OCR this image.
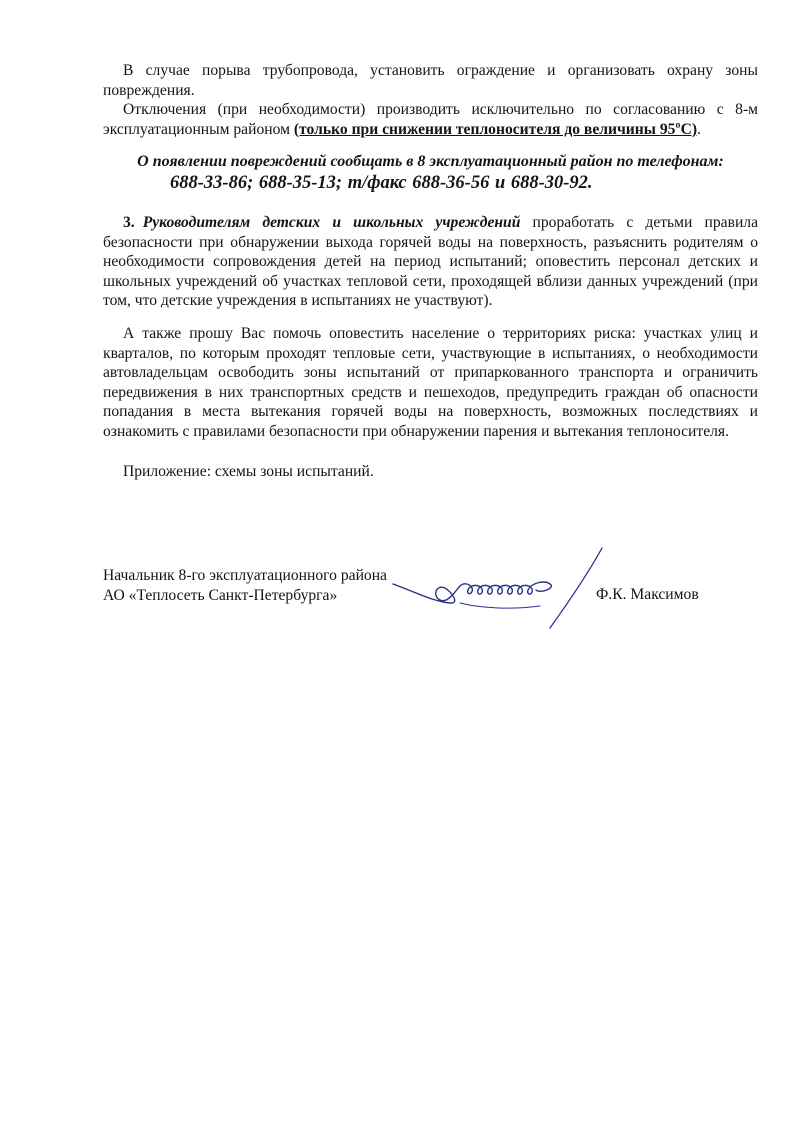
В случае порыва трубопровода, установить ограждение и организовать охрану зоны повреждения.

Отключения (при необходимости) производить исключительно по согласованию с 8-м эксплуатационным районом (только при снижении теплоносителя до величины 95ºС).

О появлении повреждений сообщать в 8 эксплуатационный район по телефонам:
688-33-86; 688-35-13; т/факс 688-36-56 и 688-30-92.

3. Руководителям детских и школьных учреждений проработать с детьми правила безопасности при обнаружении выхода горячей воды на поверхность, разъяснить родителям о необходимости сопровождения детей на период испытаний; оповестить персонал детских и школьных учреждений об участках тепловой сети, проходящей вблизи данных учреждений (при том, что детские учреждения в испытаниях не участвуют).

А также прошу Вас помочь оповестить население о территориях риска: участках улиц и кварталов, по которым проходят тепловые сети, участвующие в испытаниях, о необходимости автовладельцам освободить зоны испытаний от припаркованного транспорта и ограничить передвижения в них транспортных средств и пешеходов, предупредить граждан об опасности попадания в места вытекания горячей воды на поверхность, возможных последствиях и ознакомить с правилами безопасности при обнаружении парения и вытекания теплоносителя.

Приложение: схемы зоны испытаний.

Начальник 8-го эксплуатационного района
АО «Теплосеть Санкт-Петербурга»	Ф.К. Максимов
